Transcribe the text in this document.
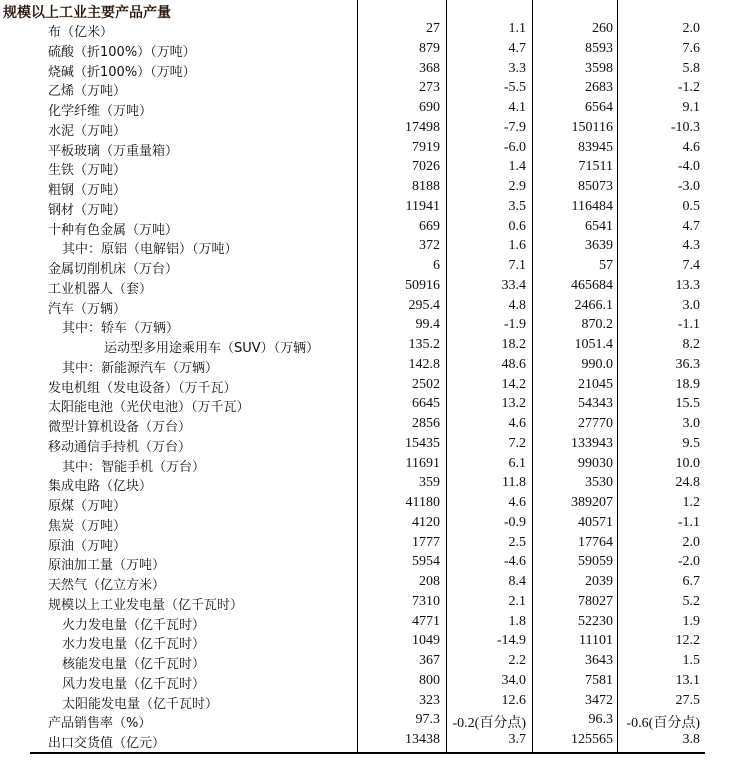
规模以上工业主要产品产量
布（亿米）	27	1.1	260	2.0
硫酸（折100%）（万吨）	879	4.7	8593	7.6
烧碱（折100%）（万吨）	368	3.3	3598	5.8
乙烯（万吨）	273	-5.5	2683	-1.2
化学纤维（万吨）	690	4.1	6564	9.1
水泥（万吨）	17498	-7.9	150116	-10.3
平板玻璃（万重量箱）	7919	-6.0	83945	4.6
生铁（万吨）	7026	1.4	71511	-4.0
粗钢（万吨）	8188	2.9	85073	-3.0
钢材（万吨）	11941	3.5	116484	0.5
十种有色金属（万吨）	669	0.6	6541	4.7
其中：原铝（电解铝）（万吨）	372	1.6	3639	4.3
金属切削机床（万台）	6	7.1	57	7.4
工业机器人（套）	50916	33.4	465684	13.3
汽车（万辆）	295.4	4.8	2466.1	3.0
其中：轿车（万辆）	99.4	-1.9	870.2	-1.1
运动型多用途乘用车（SUV）（万辆）	135.2	18.2	1051.4	8.2
其中：新能源汽车（万辆）	142.8	48.6	990.0	36.3
发电机组（发电设备）（万千瓦）	2502	14.2	21045	18.9
太阳能电池（光伏电池）（万千瓦）	6645	13.2	54343	15.5
微型计算机设备（万台）	2856	4.6	27770	3.0
移动通信手持机（万台）	15435	7.2	133943	9.5
其中：智能手机（万台）	11691	6.1	99030	10.0
集成电路（亿块）	359	11.8	3530	24.8
原煤（万吨）	41180	4.6	389207	1.2
焦炭（万吨）	4120	-0.9	40571	-1.1
原油（万吨）	1777	2.5	17764	2.0
原油加工量（万吨）	5954	-4.6	59059	-2.0
天然气（亿立方米）	208	8.4	2039	6.7
规模以上工业发电量（亿千瓦时）	7310	2.1	78027	5.2
火力发电量（亿千瓦时）	4771	1.8	52230	1.9
水力发电量（亿千瓦时）	1049	-14.9	11101	12.2
核能发电量（亿千瓦时）	367	2.2	3643	1.5
风力发电量（亿千瓦时）	800	34.0	7581	13.1
太阳能发电量（亿千瓦时）	323	12.6	3472	27.5
产品销售率（%）	97.3 -0.2(百分点)	96.3 -0.6(百分点)
出口交货值（亿元）	13438	3.7	125565	3.8
